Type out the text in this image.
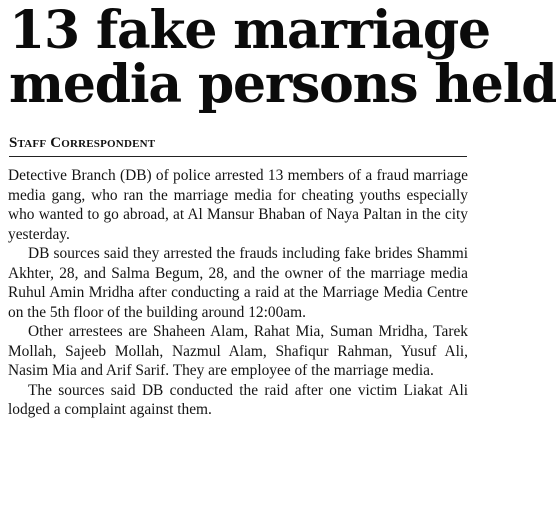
13 fake marriage
media persons held
Staff Correspondent

Detective Branch (DB) of police arrested 13 members of a fraud marriage media gang, who ran the marriage media for cheating youths especially who wanted to go abroad, at Al Mansur Bhaban of Naya Paltan in the city yesterday.

DB sources said they arrested the frauds including fake brides Shammi Akhter, 28, and Salma Begum, 28, and the owner of the marriage media Ruhul Amin Mridha after conducting a raid at the Marriage Media Centre on the 5th floor of the building around 12:00am.

Other arrestees are Shaheen Alam, Rahat Mia, Suman Mridha, Tarek Mollah, Sajeeb Mollah, Nazmul Alam, Shafiqur Rahman, Yusuf Ali, Nasim Mia and Arif Sarif. They are employee of the marriage media.

The sources said DB conducted the raid after one victim Liakat Ali lodged a complaint against them.
